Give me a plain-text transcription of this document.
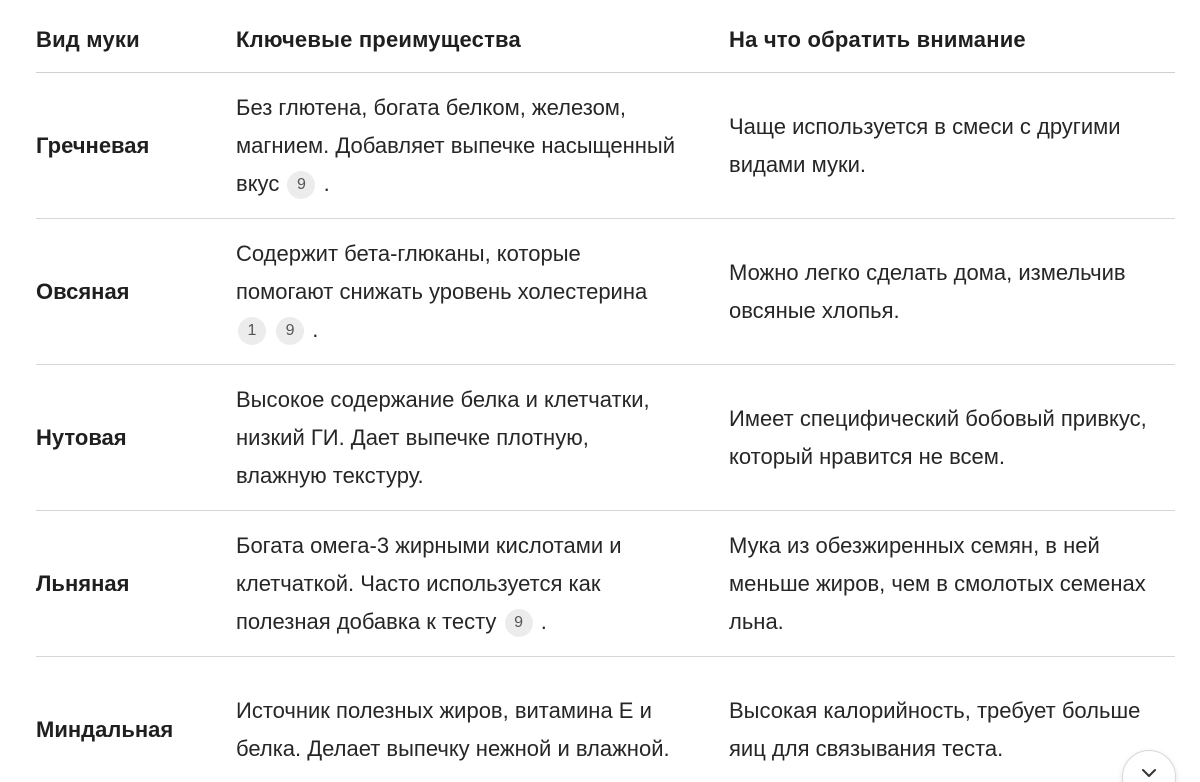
Вид муки	Ключевые преимущества	На что обратить внимание
Гречневая
Без глютена, богата белком, железом, магнием. Добавляет выпечке насыщенный вкус 9 .
Чаще используется в смеси с другими видами муки.
Овсяная
Содержит бета-глюканы, которые помогают снижать уровень холестерина 1 9 .
Можно легко сделать дома, измельчив овсяные хлопья.
Нутовая
Высокое содержание белка и клетчатки, низкий ГИ. Дает выпечке плотную, влажную текстуру.
Имеет специфический бобовый привкус, который нравится не всем.
Льняная
Богата омега-3 жирными кислотами и клетчаткой. Часто используется как полезная добавка к тесту 9 .
Мука из обезжиренных семян, в ней меньше жиров, чем в смолотых семенах льна.
Миндальная
Источник полезных жиров, витамина Е и белка. Делает выпечку нежной и влажной.
Высокая калорийность, требует больше яиц для связывания теста.
